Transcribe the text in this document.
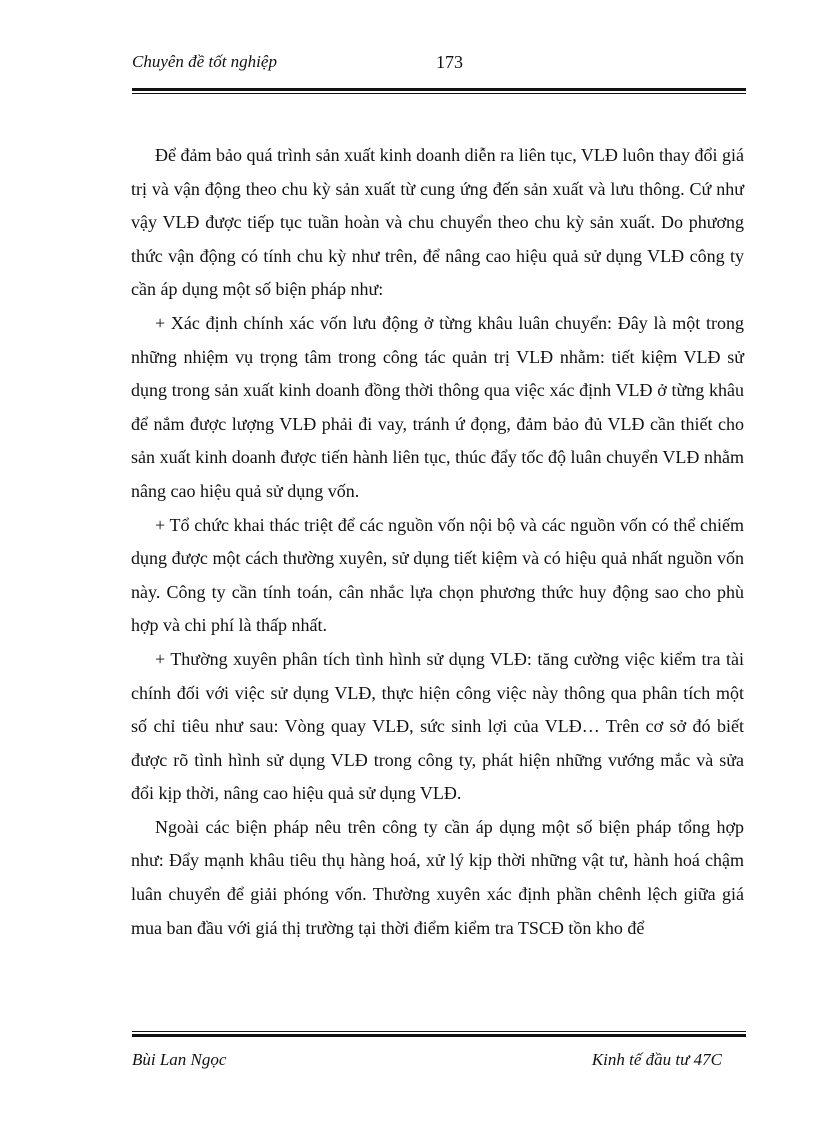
Chuyên đề tốt nghiệp	173

Để đảm bảo quá trình sản xuất kinh doanh diễn ra liên tục, VLĐ luôn thay đổi giá trị và vận động theo chu kỳ sản xuất từ cung ứng đến sản xuất và lưu thông. Cứ như vậy VLĐ được tiếp tục tuần hoàn và chu chuyển theo chu kỳ sản xuất. Do phương thức vận động có tính chu kỳ như trên, để nâng cao hiệu quả sử dụng VLĐ công ty cần áp dụng một số biện pháp như:

+ Xác định chính xác vốn lưu động ở từng khâu luân chuyển: Đây là một trong những nhiệm vụ trọng tâm trong công tác quản trị VLĐ nhằm: tiết kiệm VLĐ sử dụng trong sản xuất kinh doanh đồng thời thông qua việc xác định VLĐ ở từng khâu để nắm được lượng VLĐ phải đi vay, tránh ứ đọng, đảm bảo đủ VLĐ cần thiết cho sản xuất kinh doanh được tiến hành liên tục, thúc đẩy tốc độ luân chuyển VLĐ nhằm nâng cao hiệu quả sử dụng vốn.

+ Tổ chức khai thác triệt để các nguồn vốn nội bộ và các nguồn vốn có thể chiếm dụng được một cách thường xuyên, sử dụng tiết kiệm và có hiệu quả nhất nguồn vốn này. Công ty cần tính toán, cân nhắc lựa chọn phương thức huy động sao cho phù hợp và chi phí là thấp nhất.

+ Thường xuyên phân tích tình hình sử dụng VLĐ: tăng cường việc kiểm tra tài chính đối với việc sử dụng VLĐ, thực hiện công việc này thông qua phân tích một số chỉ tiêu như sau: Vòng quay VLĐ, sức sinh lợi của VLĐ… Trên cơ sở đó biết được rõ tình hình sử dụng VLĐ trong công ty, phát hiện những vướng mắc và sửa đổi kịp thời, nâng cao hiệu quả sử dụng VLĐ.

Ngoài các biện pháp nêu trên công ty cần áp dụng một số biện pháp tổng hợp như: Đẩy mạnh khâu tiêu thụ hàng hoá, xử lý kịp thời những vật tư, hành hoá chậm luân chuyển để giải phóng vốn. Thường xuyên xác định phần chênh lệch giữa giá mua ban đầu với giá thị trường tại thời điểm kiểm tra TSCĐ tồn kho để

Bùi Lan Ngọc	Kinh tế đầu tư 47C
